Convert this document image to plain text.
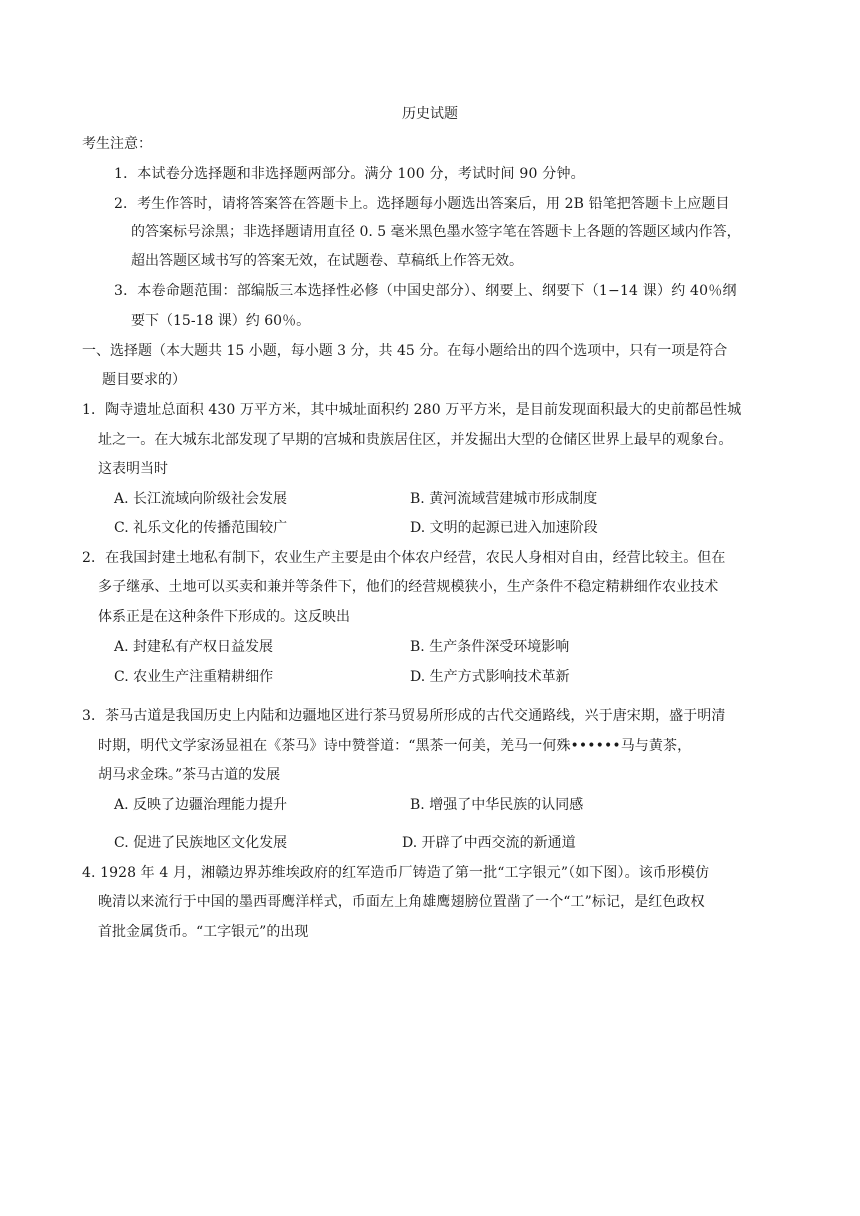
历史试题
考生注意：
1．本试卷分选择题和非选择题两部分。满分 100 分，考试时间 90 分钟。
2．考生作答时，请将答案答在答题卡上。选择题每小题选出答案后，用 2B 铅笔把答题卡上应题目
的答案标号涂黑；非选择题请用直径 0. 5 毫米黑色墨水签字笔在答题卡上各题的答题区域内作答，
超出答题区域书写的答案无效，在试题卷、草稿纸上作答无效。
3．本卷命题范围：部编版三本选择性必修（中国史部分）、纲要上、纲要下（1−14 课）约 40％纲
要下（15-18 课）约 60％。
一、选择题（本大题共 15 小题，每小题 3 分，共 45 分。在每小题给出的四个选项中，只有一项是符合
题目要求的）
1．陶寺遗址总面积 430 万平方米，其中城址面积约 280 万平方米，是目前发现面积最大的史前都邑性城
址之一。在大城东北部发现了早期的宫城和贵族居住区，并发掘出大型的仓储区世界上最早的观象台。
这表明当时
A. 长江流域向阶级社会发展	B. 黄河流域营建城市形成制度
C. 礼乐文化的传播范围较广	D. 文明的起源已进入加速阶段
2．在我国封建土地私有制下，农业生产主要是由个体农户经营，农民人身相对自由，经营比较主。但在
多子继承、土地可以买卖和兼并等条件下，他们的经营规模狭小，生产条件不稳定精耕细作农业技术
体系正是在这种条件下形成的。这反映出
A. 封建私有产权日益发展	B. 生产条件深受环境影响
C. 农业生产注重精耕细作	D. 生产方式影响技术革新
3．茶马古道是我国历史上内陆和边疆地区进行茶马贸易所形成的古代交通路线，兴于唐宋期，盛于明清
时期，明代文学家汤显祖在《茶马》诗中赞誉道：“黑茶一何美，羌马一何殊••••••马与黄茶，
胡马求金珠。”茶马古道的发展
A. 反映了边疆治理能力提升	B. 增强了中华民族的认同感
C. 促进了民族地区文化发展	D. 开辟了中西交流的新通道
4. 1928 年 4 月，湘赣边界苏维埃政府的红军造币厂铸造了第一批“工字银元”（如下图）。该币形模仿
晚清以来流行于中国的墨西哥鹰洋样式，币面左上角雄鹰翅膀位置凿了一个“工”标记，是红色政权
首批金属货币。“工字银元”的出现
